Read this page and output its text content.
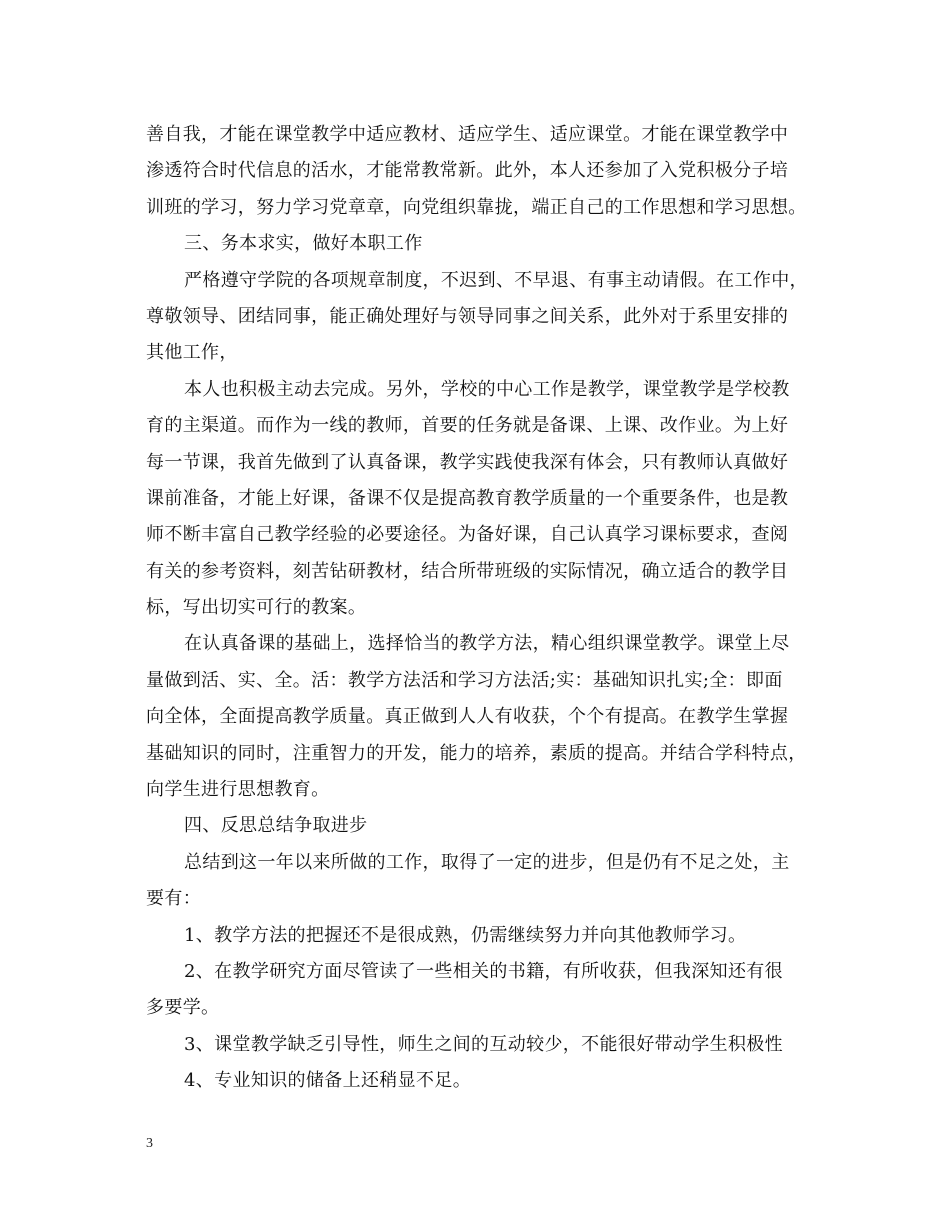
善自我，才能在课堂教学中适应教材、适应学生、适应课堂。才能在课堂教学中
渗透符合时代信息的活水，才能常教常新。此外，本人还参加了入党积极分子培
训班的学习，努力学习党章章，向党组织靠拢，端正自己的工作思想和学习思想。
三、务本求实，做好本职工作
严格遵守学院的各项规章制度，不迟到、不早退、有事主动请假。在工作中，
尊敬领导、团结同事，能正确处理好与领导同事之间关系，此外对于系里安排的
其他工作，
本人也积极主动去完成。另外，学校的中心工作是教学，课堂教学是学校教
育的主渠道。而作为一线的教师，首要的任务就是备课、上课、改作业。为上好
每一节课，我首先做到了认真备课，教学实践使我深有体会，只有教师认真做好
课前准备，才能上好课，备课不仅是提高教育教学质量的一个重要条件，也是教
师不断丰富自己教学经验的必要途径。为备好课，自己认真学习课标要求，查阅
有关的参考资料，刻苦钻研教材，结合所带班级的实际情况，确立适合的教学目
标，写出切实可行的教案。
在认真备课的基础上，选择恰当的教学方法，精心组织课堂教学。课堂上尽
量做到活、实、全。活：教学方法活和学习方法活;实：基础知识扎实;全：即面
向全体，全面提高教学质量。真正做到人人有收获，个个有提高。在教学生掌握
基础知识的同时，注重智力的开发，能力的培养，素质的提高。并结合学科特点，
向学生进行思想教育。
四、反思总结争取进步
总结到这一年以来所做的工作，取得了一定的进步，但是仍有不足之处，主
要有：
1、教学方法的把握还不是很成熟，仍需继续努力并向其他教师学习。
2、在教学研究方面尽管读了一些相关的书籍，有所收获，但我深知还有很
多要学。
3、课堂教学缺乏引导性，师生之间的互动较少，不能很好带动学生积极性
4、专业知识的储备上还稍显不足。
3
